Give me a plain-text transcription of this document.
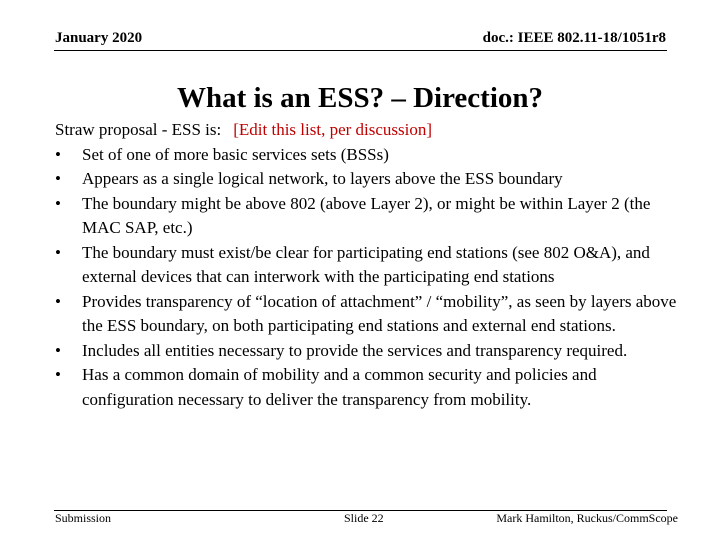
January 2020	doc.: IEEE 802.11-18/1051r8
What is an ESS? – Direction?
Straw proposal - ESS is: [Edit this list, per discussion]
• Set of one of more basic services sets (BSSs)
• Appears as a single logical network, to layers above the ESS boundary
• The boundary might be above 802 (above Layer 2), or might be within Layer 2 (the MAC SAP, etc.)
• The boundary must exist/be clear for participating end stations (see 802 O&A), and external devices that can interwork with the participating end stations
• Provides transparency of “location of attachment” / “mobility”, as seen by layers above the ESS boundary, on both participating end stations and external end stations.
• Includes all entities necessary to provide the services and transparency required.
• Has a common domain of mobility and a common security and policies and configuration necessary to deliver the transparency from mobility.
Submission	Slide 22	Mark Hamilton, Ruckus/CommScope
